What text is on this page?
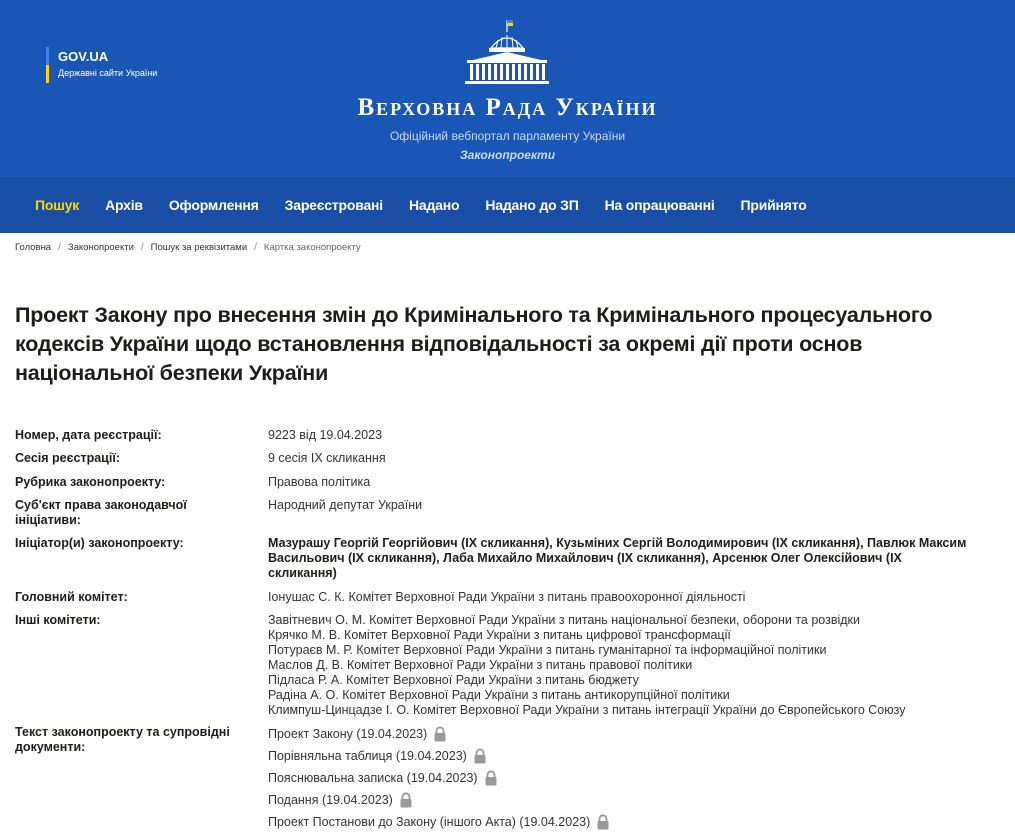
GOV.UA
Державні сайти України
Верховна Рада України
Офіційний вебпортал парламенту України
Законопроекти
Пошук Архів Оформлення Зареєстровані Надано Надано до ЗП На опрацюванні Прийнято
Головна / Законопроекти / Пошук за реквізитами / Картка законопроекту
Проект Закону про внесення змін до Кримінального та Кримінального процесуального кодексів України щодо встановлення відповідальності за окремі дії проти основ національної безпеки України
Номер, дата реєстрації:	9223 від 19.04.2023
Сесія реєстрації:	9 сесія IX скликання
Рубрика законопроекту:	Правова політика
Суб'єкт права законодавчої ініціативи:
Народний депутат України
Ініціатор(и) законопроекту:	Мазурашу Георгій Георгійович (IX скликання), Кузьміних Сергій Володимирович (IX скликання), Павлюк Максим
Васильович (IX скликання), Лаба Михайло Михайлович (IX скликання), Арсенюк Олег Олексійович (IX
скликання)
Головний комітет:	Іонушас С. К. Комітет Верховної Ради України з питань правоохоронної діяльності
Інші комітети:	Завітневич О. М. Комітет Верховної Ради України з питань національної безпеки, оборони та розвідки
Крячко М. В. Комітет Верховної Ради України з питань цифрової трансформації
Потураєв М. Р. Комітет Верховної Ради України з питань гуманітарної та інформаційної політики
Маслов Д. В. Комітет Верховної Ради України з питань правової політики
Підласа Р. А. Комітет Верховної Ради України з питань бюджету
Радіна А. О. Комітет Верховної Ради України з питань антикорупційної політики
Климпуш-Цинцадзе І. О. Комітет Верховної Ради України з питань інтеграції України до Європейського Союзу
Текст законопроекту та супровідні документи:
Проект Закону (19.04.2023)
Порівняльна таблиця (19.04.2023)
Пояснювальна записка (19.04.2023)
Подання (19.04.2023)
Проект Постанови до Закону (іншого Акта) (19.04.2023)
